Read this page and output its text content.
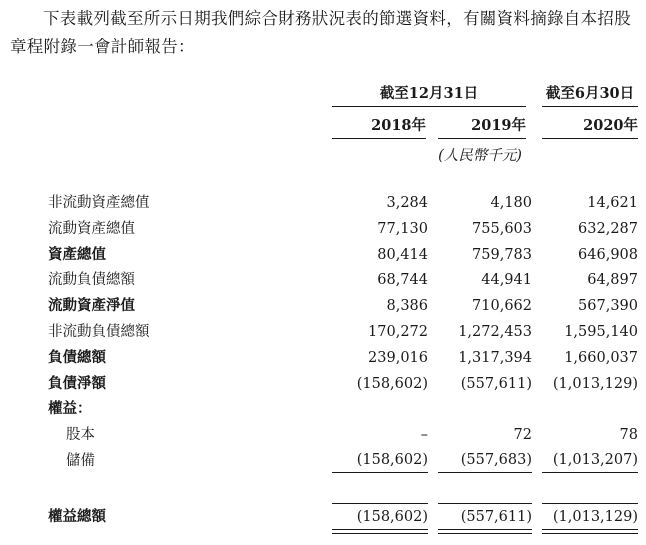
下表載列截至所示日期我們綜合財務狀況表的節選資料，有關資料摘錄自本招股
章程附錄一會計師報告：

截至12月31日	截至6月30日
2018年	2019年	2020年
(人民幣千元)
非流動資產總值	3,284	4,180	14,621
流動資產總值	77,130	755,603	632,287
資產總值	80,414	759,783	646,908
流動負債總額	68,744	44,941	64,897
流動資產淨值	8,386	710,662	567,390
非流動負債總額	170,272	1,272,453	1,595,140
負債總額	239,016	1,317,394	1,660,037
負債淨額	(158,602)	(557,611)	(1,013,129)
權益：
股本	–	72	78
儲備	(158,602)	(557,683)	(1,013,207)
權益總額	(158,602)	(557,611)	(1,013,129)
